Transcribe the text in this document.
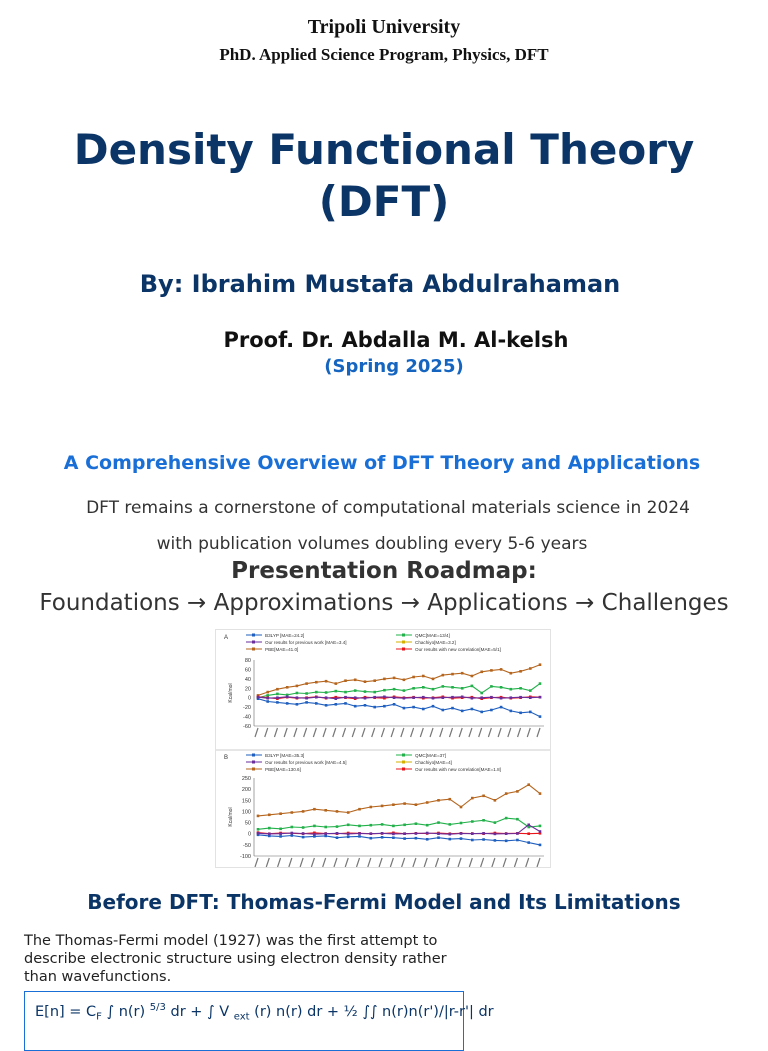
Tripoli University
PhD. Applied Science Program, Physics, DFT
Density Functional Theory
(DFT)
By: Ibrahim Mustafa Abdulrahaman
Proof. Dr. Abdalla M. Al-kelsh
(Spring 2025)
A Comprehensive Overview of DFT Theory and Applications
DFT remains a cornerstone of computational materials science in 2024
with publication volumes doubling every 5-6 years
Presentation Roadmap:
Foundations → Approximations → Applications → Challenges
A	B3LYP [MAE=24.2]	QMC[MAE=13/4]
Our results for previous work [MAE=3.4]	Chachiyo[MAE=3.2]
PBE[MAE=41.0]	Our results with new correlation[MAE=5/1]
80
60
40
20
0
-20
-40
-60
Kcal/mol
B	B3LYP [MAE=35.3]	QMC[MAE=37]
Our results for previous work [MAE=4.5]	Chachiyo[MAE=4]
PBE[MAE=130.6]	Our results with new correlation[MAE=1.8]
250
200
150
100
50
0
-50
-100
Kcal/mol
Before DFT: Thomas-Fermi Model and Its Limitations
The Thomas-Fermi model (1927) was the first attempt to describe electronic structure using electron density rather than wavefunctions.
$E[n] = C_F$ ∫ n(r) $^{5/3}$ dr + ∫ V $_{ext}$ (r) n(r) dr + ½ ∫∫ n(r)n(r')/|r-r'| dr
